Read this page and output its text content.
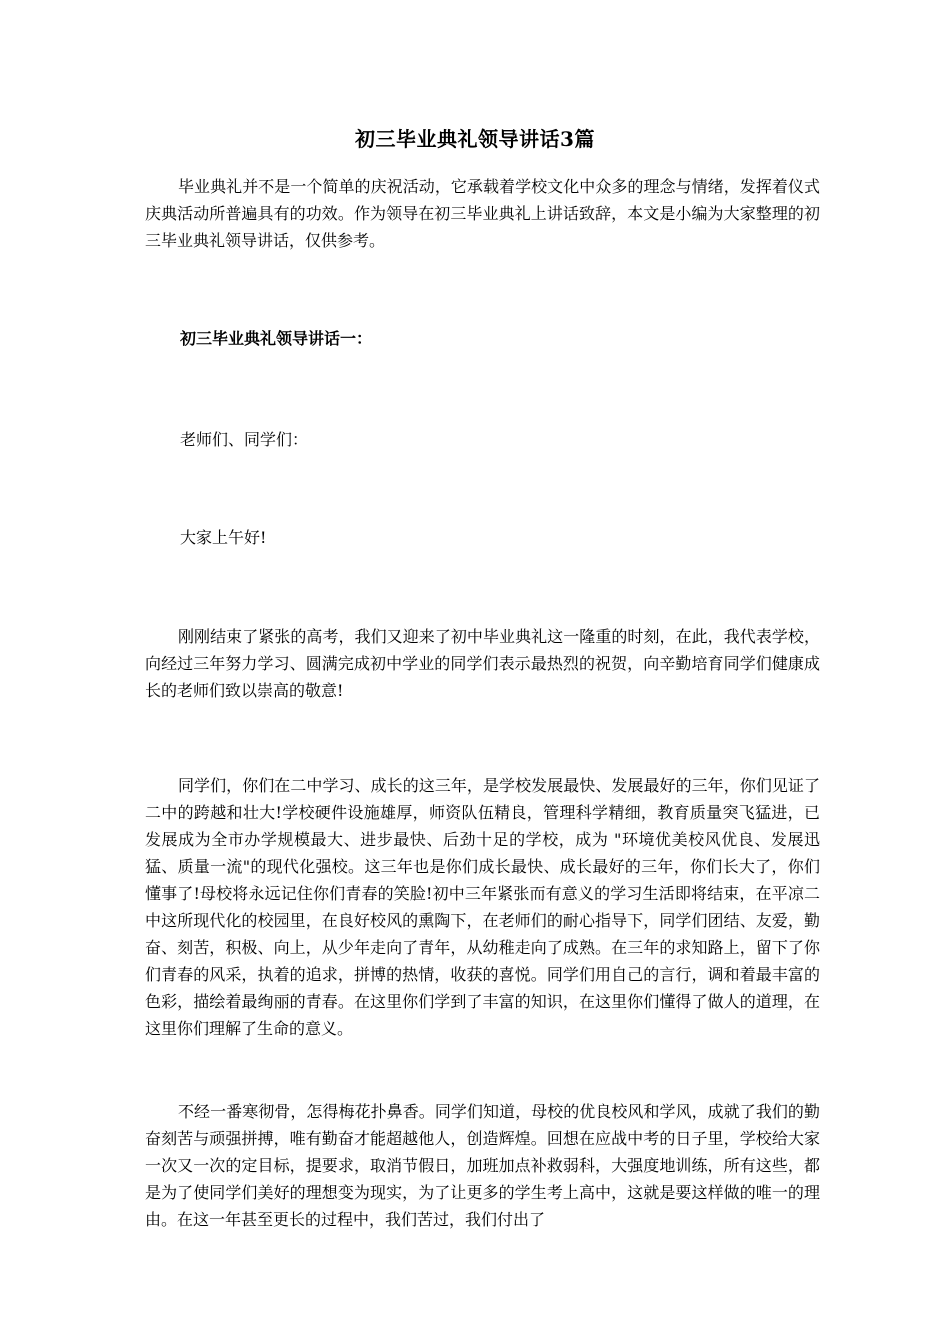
初三毕业典礼领导讲话3篇

毕业典礼并不是一个简单的庆祝活动，它承载着学校文化中众多的理念与情绪，发挥着仪式庆典活动所普遍具有的功效。作为领导在初三毕业典礼上讲话致辞，本文是小编为大家整理的初三毕业典礼领导讲话，仅供参考。

初三毕业典礼领导讲话一：

老师们、同学们：

大家上午好!

刚刚结束了紧张的高考，我们又迎来了初中毕业典礼这一隆重的时刻，在此，我代表学校，向经过三年努力学习、圆满完成初中学业的同学们表示最热烈的祝贺，向辛勤培育同学们健康成长的老师们致以崇高的敬意!

同学们，你们在二中学习、成长的这三年，是学校发展最快、发展最好的三年，你们见证了二中的跨越和壮大!学校硬件设施雄厚，师资队伍精良，管理科学精细，教育质量突飞猛进，已发展成为全市办学规模最大、进步最快、后劲十足的学校，成为 "环境优美校风优良、发展迅猛、质量一流"的现代化强校。这三年也是你们成长最快、成长最好的三年，你们长大了，你们懂事了!母校将永远记住你们青春的笑脸!初中三年紧张而有意义的学习生活即将结束，在平凉二中这所现代化的校园里，在良好校风的熏陶下，在老师们的耐心指导下，同学们团结、友爱，勤奋、刻苦，积极、向上，从少年走向了青年，从幼稚走向了成熟。在三年的求知路上，留下了你们青春的风采，执着的追求，拼博的热情，收获的喜悦。同学们用自己的言行，调和着最丰富的色彩，描绘着最绚丽的青春。在这里你们学到了丰富的知识，在这里你们懂得了做人的道理，在这里你们理解了生命的意义。

不经一番寒彻骨，怎得梅花扑鼻香。同学们知道，母校的优良校风和学风，成就了我们的勤奋刻苦与顽强拼搏，唯有勤奋才能超越他人，创造辉煌。回想在应战中考的日子里，学校给大家一次又一次的定目标，提要求，取消节假日，加班加点补救弱科，大强度地训练，所有这些，都是为了使同学们美好的理想变为现实，为了让更多的学生考上高中，这就是要这样做的唯一的理由。在这一年甚至更长的过程中，我们苦过，我们付出了
